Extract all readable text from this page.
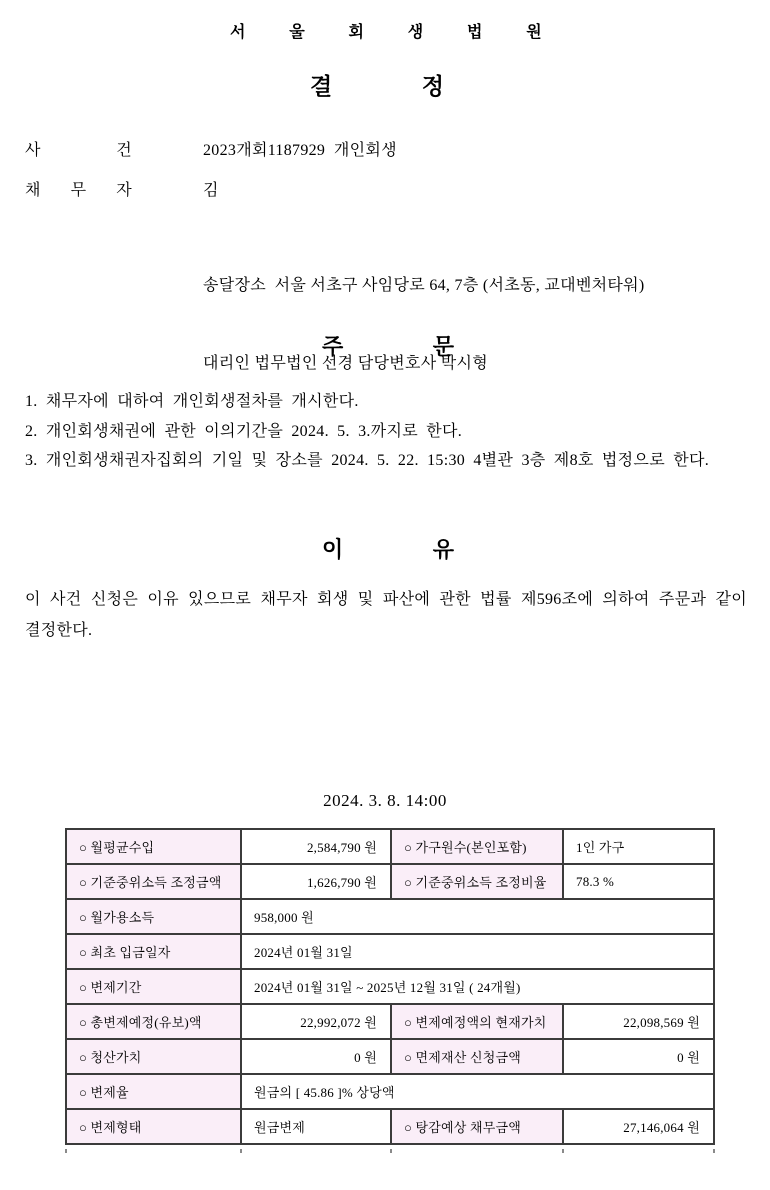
서 울 회 생 법 원
결 정
사 건	2023개회1187929  개인회생
채 무 자	김

송달장소  서울 서초구 사임당로 64, 7층 (서초동, 교대벤처타워)

대리인 법무법인 선경 담당변호사 박시형

주 문
1. 채무자에 대하여 개인회생절차를 개시한다.
2. 개인회생채권에 관한 이의기간을 2024. 5. 3.까지로 한다.
3. 개인회생채권자집회의 기일 및 장소를 2024. 5. 22. 15:30 4별관 3층 제8호 법정으로 한다.
이 유
이 사건 신청은 이유 있으므로 채무자 회생 및 파산에 관한 법률 제596조에 의하여 주문과 같이 결정한다.
2024. 3. 8. 14:00
○ 월평균수입	2,584,790 원	○ 가구원수(본인포함)	1인 가구
○ 기준중위소득 조정금액	1,626,790 원	○ 기준중위소득 조정비율	78.3 %
○ 월가용소득	958,000 원		
○ 최초 입금일자	2024년 01월 31일		
○ 변제기간	2024년 01월 31일 ~ 2025년 12월 31일 ( 24개월)		
○ 총변제예정(유보)액	22,992,072 원	○ 변제예정액의 현재가치	22,098,569 원
○ 청산가치	0 원	○ 면제재산 신청금액	0 원
○ 변제율	원금의 [ 45.86 ]% 상당액		
○ 변제형태	원금변제	○ 탕감예상 채무금액	27,146,064 원
